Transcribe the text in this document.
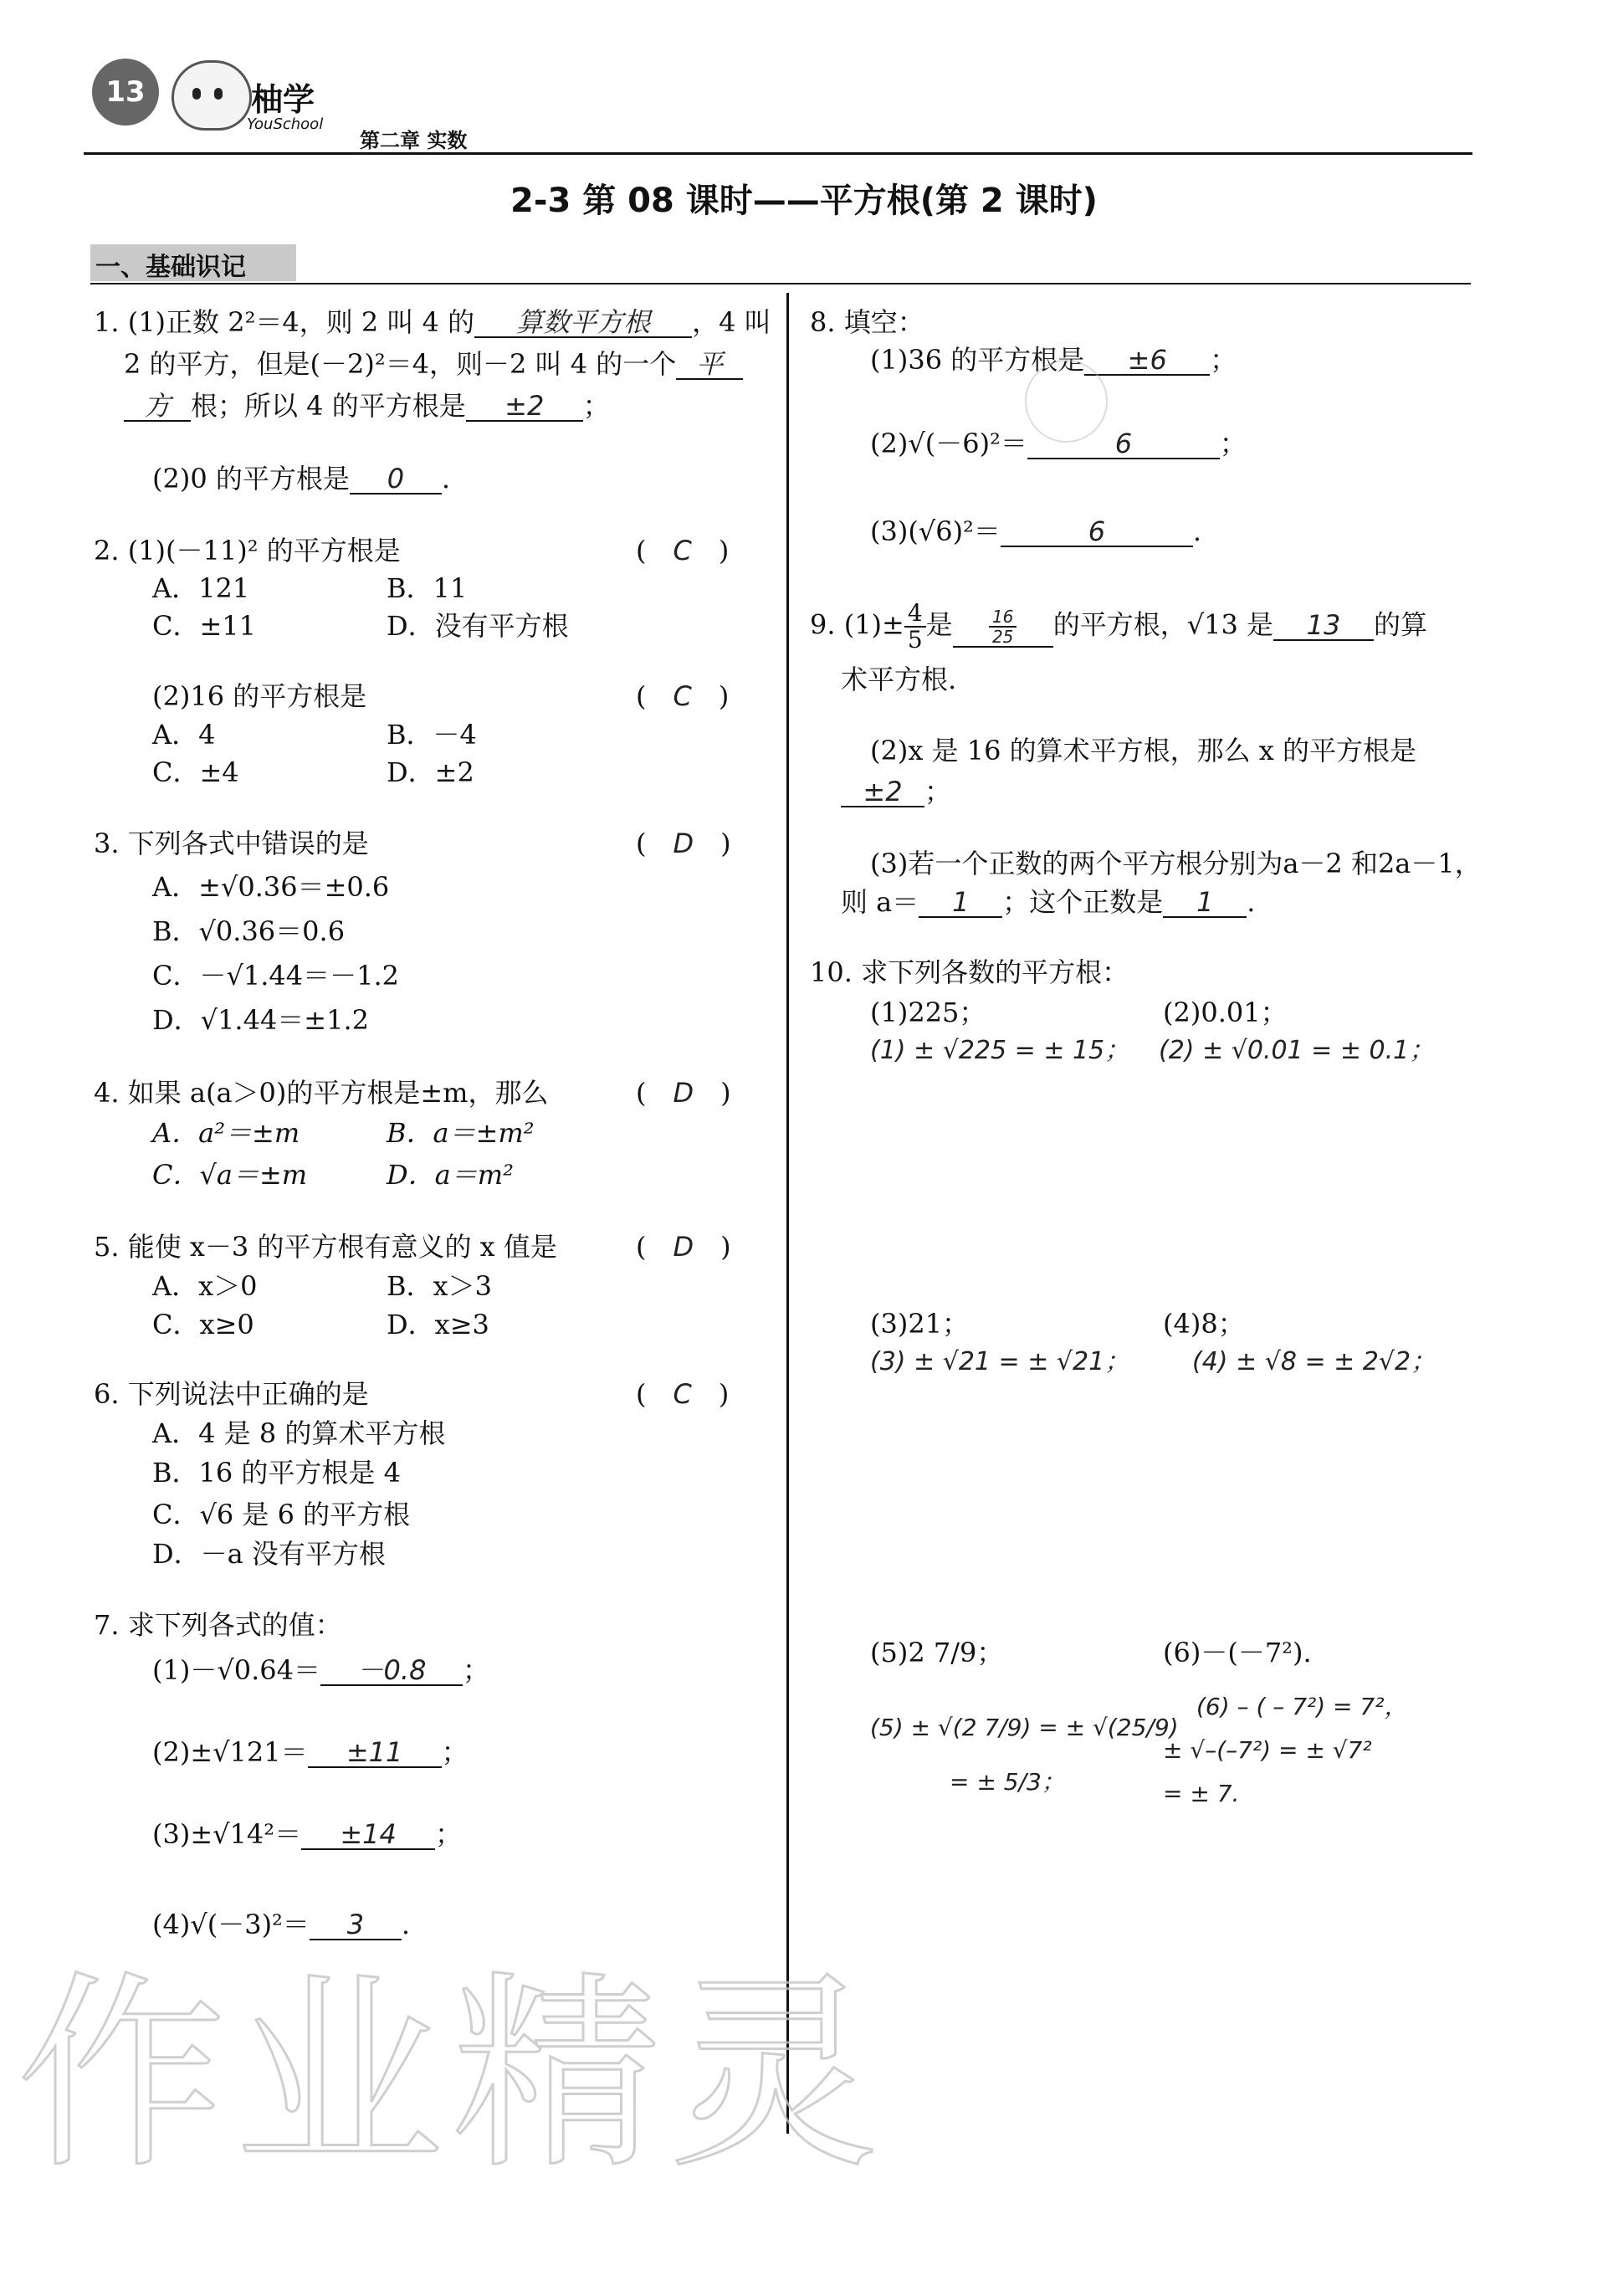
13	柚学
YouSchool
第二章 实数
2-3 第 08 课时——平方根(第 2 课时)
一、基础识记
1. (1)正数 2²＝4，则 2 叫 4 的 算数平方根 ，4 叫
2 的平方，但是(－2)²＝4，则－2 叫 4 的一个 平
方 根；所以 4 的平方根是 ±2 ；
(2)0 的平方根是 0 .
2. (1)(－11)² 的平方根是	(　C　)
A．121	B．11
C．±11	D．没有平方根
(2)16 的平方根是	(　C　)
A．4	B．－4
C．±4	D．±2
3. 下列各式中错误的是	(　D　)
A．±√0.36＝±0.6
B．√0.36＝0.6
C．－√1.44＝－1.2
D．√1.44＝±1.2
4. 如果 a(a＞0)的平方根是±m，那么	(　D　)
A．a²＝±m	B．a＝±m²
C．√a＝±m	D．a＝m²
5. 能使 x－3 的平方根有意义的 x 值是	(　D　)
A．x＞0	B．x＞3
C．x≥0	D．x≥3
6. 下列说法中正确的是	(　C　)
A．4 是 8 的算术平方根
B．16 的平方根是 4
C．√6 是 6 的平方根
D．－a 没有平方根
7. 求下列各式的值：
(1)－√0.64＝ －0.8 ；
(2)±√121＝ ±11 ；
(3)±√14²＝ ±14 ；
(4)√(－3)²＝ 3 .
8. 填空：
(1)36 的平方根是 ±6 ；
(2)√(－6)²＝	6	；
(3)(√6)²＝	6	.
9. $(1)\pm \frac{4}{5}$ 是 $\frac{16}{25}$ 的平方根，√13 是 13 的算
术平方根.
(2)x 是 16 的算术平方根，那么 x 的平方根是
±2 ；
(3)若一个正数的两个平方根分别为a－2 和2a－1，
则 a＝ 1 ；这个正数是 1 .
10. 求下列各数的平方根：
(1)225；	(2)0.01；
(1) ± √225 = ± 15； (2) ± √0.01 = ± 0.1；
(3)21；	(4)8；
(3) ± √21 = ± √21； (4) ± √8 = ± 2√2；
(5)2 7/9；	(6)－(－7²).
(5) ± √(2 7/9) = ± √(25/9)
= ± 5/3；
(6) – ( – 7²) = 7²，
± √–(–7²) = ± √7²
= ± 7.
作业精灵
